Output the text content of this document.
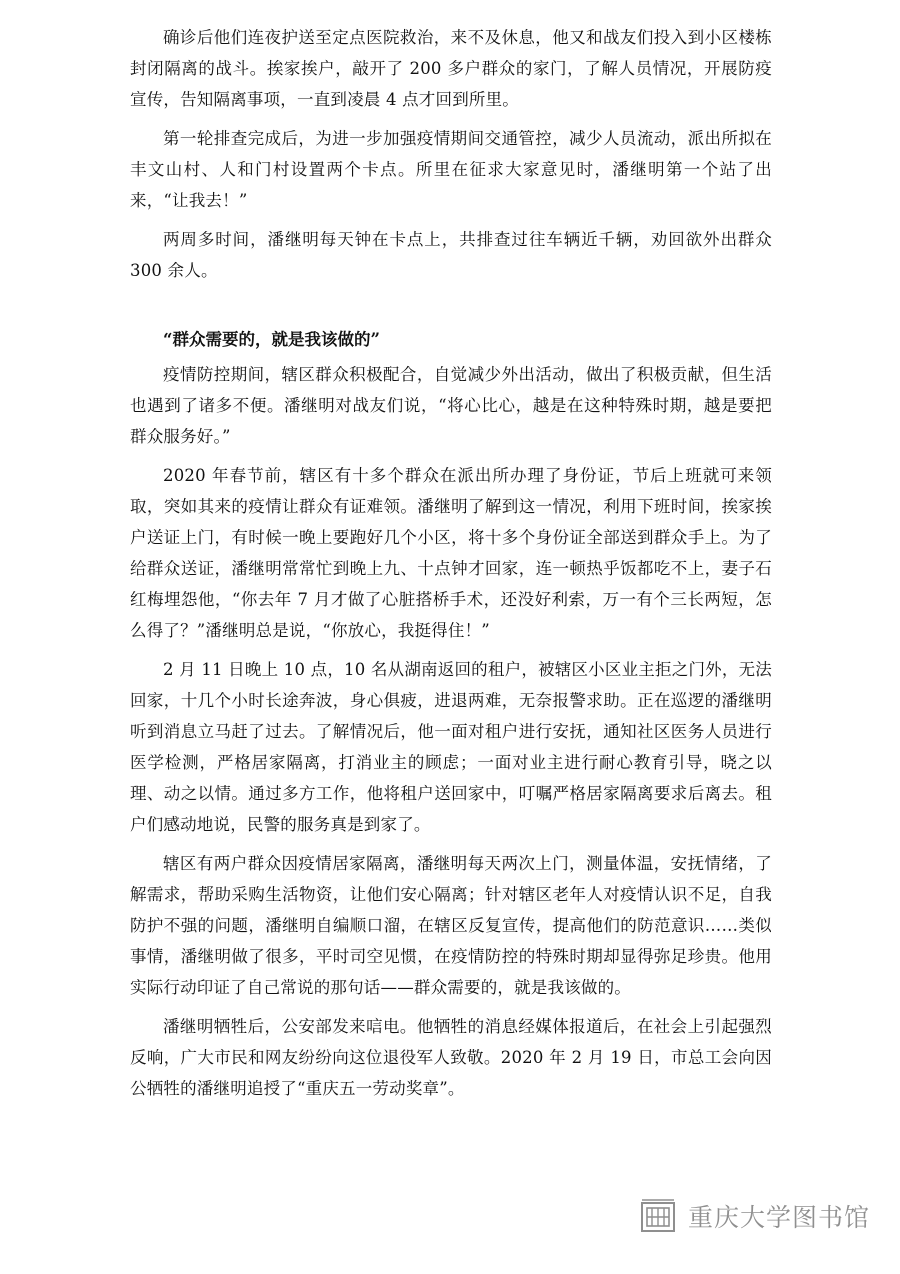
确诊后他们连夜护送至定点医院救治，来不及休息，他又和战友们投入到小区楼栋封闭隔离的战斗。挨家挨户，敲开了 200 多户群众的家门，了解人员情况，开展防疫宣传，告知隔离事项，一直到凌晨 4 点才回到所里。

第一轮排查完成后，为进一步加强疫情期间交通管控，减少人员流动，派出所拟在丰文山村、人和门村设置两个卡点。所里在征求大家意见时，潘继明第一个站了出来，“让我去！”

两周多时间，潘继明每天钟在卡点上，共排查过往车辆近千辆，劝回欲外出群众 300 余人。

“群众需要的，就是我该做的”

疫情防控期间，辖区群众积极配合，自觉减少外出活动，做出了积极贡献，但生活也遇到了诸多不便。潘继明对战友们说，“将心比心，越是在这种特殊时期，越是要把群众服务好。”

2020 年春节前，辖区有十多个群众在派出所办理了身份证，节后上班就可来领取，突如其来的疫情让群众有证难领。潘继明了解到这一情况，利用下班时间，挨家挨户送证上门，有时候一晚上要跑好几个小区，将十多个身份证全部送到群众手上。为了给群众送证，潘继明常常忙到晚上九、十点钟才回家，连一顿热乎饭都吃不上，妻子石红梅埋怨他，“你去年 7 月才做了心脏搭桥手术，还没好利索，万一有个三长两短，怎么得了？”潘继明总是说，“你放心，我挺得住！”

2 月 11 日晚上 10 点，10 名从湖南返回的租户，被辖区小区业主拒之门外，无法回家，十几个小时长途奔波，身心俱疲，进退两难，无奈报警求助。正在巡逻的潘继明听到消息立马赶了过去。了解情况后，他一面对租户进行安抚，通知社区医务人员进行医学检测，严格居家隔离，打消业主的顾虑；一面对业主进行耐心教育引导，晓之以理、动之以情。通过多方工作，他将租户送回家中，叮嘱严格居家隔离要求后离去。租户们感动地说，民警的服务真是到家了。

辖区有两户群众因疫情居家隔离，潘继明每天两次上门，测量体温，安抚情绪，了解需求，帮助采购生活物资，让他们安心隔离；针对辖区老年人对疫情认识不足，自我防护不强的问题，潘继明自编顺口溜，在辖区反复宣传，提高他们的防范意识……类似事情，潘继明做了很多，平时司空见惯，在疫情防控的特殊时期却显得弥足珍贵。他用实际行动印证了自己常说的那句话——群众需要的，就是我该做的。

潘继明牺牲后，公安部发来唁电。他牺牲的消息经媒体报道后，在社会上引起强烈反响，广大市民和网友纷纷向这位退役军人致敬。2020 年 2 月 19 日，市总工会向因公牺牲的潘继明追授了“重庆五一劳动奖章”。

重庆大学图书馆
